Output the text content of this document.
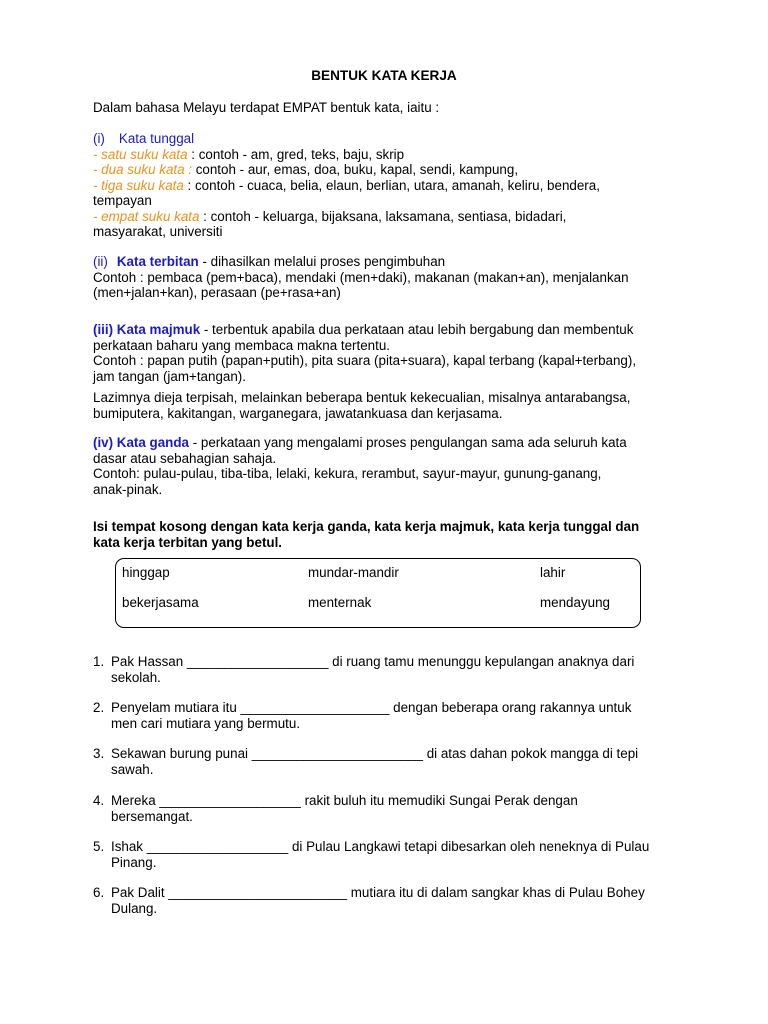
BENTUK KATA KERJA
Dalam bahasa Melayu terdapat EMPAT bentuk kata, iaitu :
(i) Kata tunggal
- satu suku kata : contoh - am, gred, teks, baju, skrip
- dua suku kata : contoh - aur, emas, doa, buku, kapal, sendi, kampung,
- tiga suku kata : contoh - cuaca, belia, elaun, berlian, utara, amanah, keliru, bendera,
tempayan
- empat suku kata : contoh - keluarga, bijaksana, laksamana, sentiasa, bidadari,
masyarakat, universiti
(ii) Kata terbitan - dihasilkan melalui proses pengimbuhan
Contoh : pembaca (pem+baca), mendaki (men+daki), makanan (makan+an), menjalankan
(men+jalan+kan), perasaan (pe+rasa+an)
(iii) Kata majmuk - terbentuk apabila dua perkataan atau lebih bergabung dan membentuk
perkataan baharu yang membaca makna tertentu.
Contoh : papan putih (papan+putih), pita suara (pita+suara), kapal terbang (kapal+terbang),
jam tangan (jam+tangan).
Lazimnya dieja terpisah, melainkan beberapa bentuk kekecualian, misalnya antarabangsa,
bumiputera, kakitangan, warganegara, jawatankuasa dan kerjasama.
(iv) Kata ganda - perkataan yang mengalami proses pengulangan sama ada seluruh kata
dasar atau sebahagian sahaja.
Contoh: pulau-pulau, tiba-tiba, lelaki, kekura, rerambut, sayur-mayur, gunung-ganang,
anak-pinak.
Isi tempat kosong dengan kata kerja ganda, kata kerja majmuk, kata kerja tunggal dan
kata kerja terbitan yang betul.
hinggap	mundar-mandir	lahir
bekerjasama	menternak	mendayung
1. Pak Hassan ___________________ di ruang tamu menunggu kepulangan anaknya dari
sekolah.
2. Penyelam mutiara itu ____________________ dengan beberapa orang rakannya untuk
men cari mutiara yang bermutu.
3. Sekawan burung punai _______________________ di atas dahan pokok mangga di tepi
sawah.
4. Mereka ___________________ rakit buluh itu memudiki Sungai Perak dengan
bersemangat.
5. Ishak ___________________ di Pulau Langkawi tetapi dibesarkan oleh neneknya di Pulau
Pinang.
6. Pak Dalit ________________________ mutiara itu di dalam sangkar khas di Pulau Bohey
Dulang.
